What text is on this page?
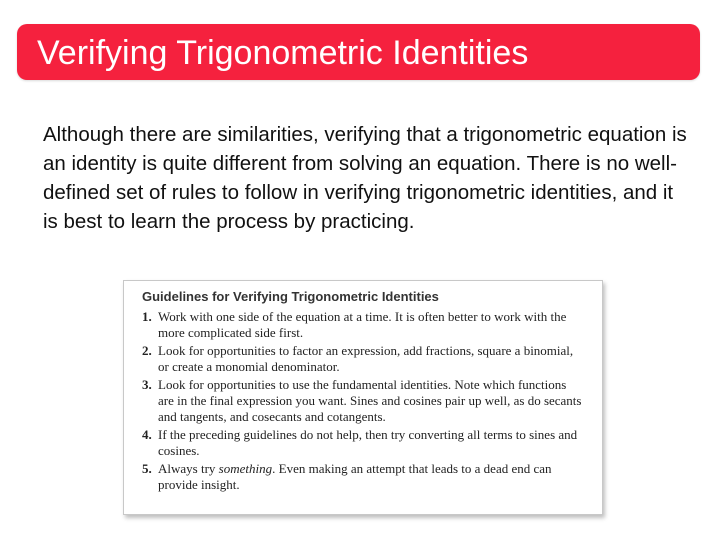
Verifying Trigonometric Identities

Although there are similarities, verifying that a trigonometric equation is an identity is quite different from solving an equation. There is no well-defined set of rules to follow in verifying trigonometric identities, and it is best to learn the process by practicing.

Guidelines for Verifying Trigonometric Identities
1. Work with one side of the equation at a time. It is often better to work with the more complicated side first.
2. Look for opportunities to factor an expression, add fractions, square a binomial, or create a monomial denominator.
3. Look for opportunities to use the fundamental identities. Note which functions are in the final expression you want. Sines and cosines pair up well, as do secants and tangents, and cosecants and cotangents.
4. If the preceding guidelines do not help, then try converting all terms to sines and cosines.
5. Always try something. Even making an attempt that leads to a dead end can provide insight.
